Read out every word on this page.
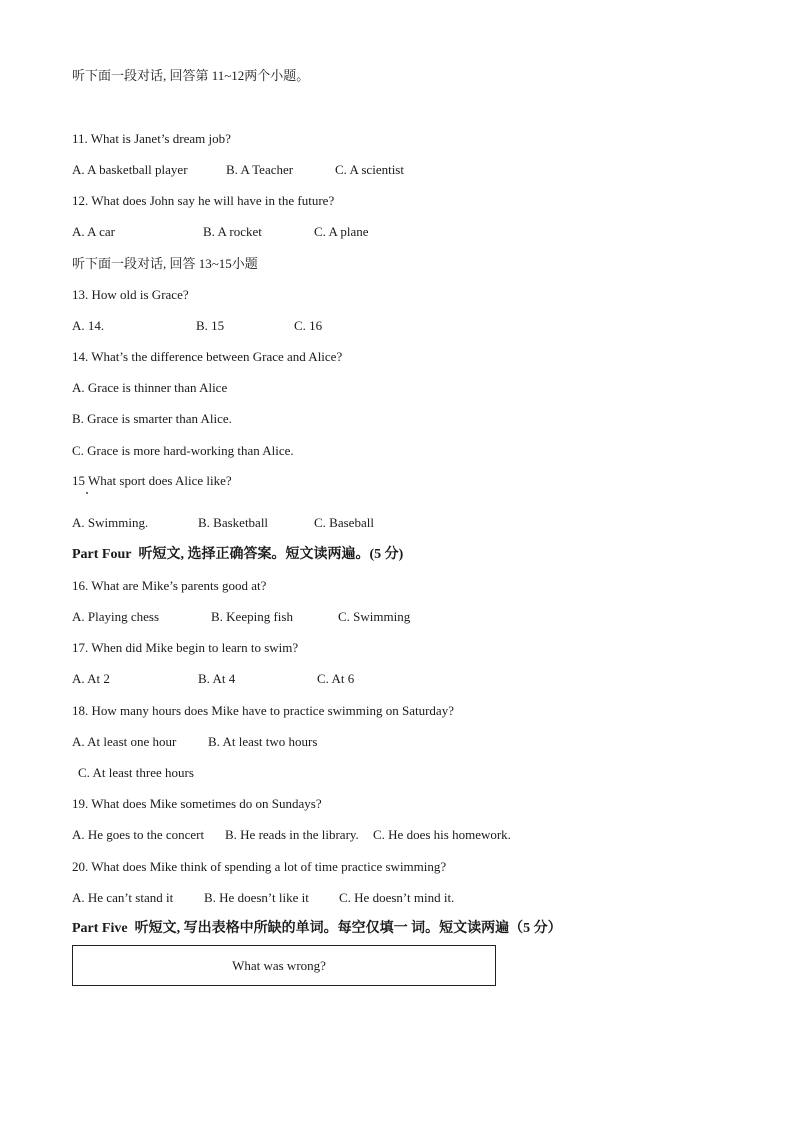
听下面一段对话, 回答第 11~12两个小题。
11. What is Janet’s dream job?
A. A basketball player	B. A Teacher	C. A scientist
12. What does John say he will have in the future?
A. A car	B. A rocket	C. A plane
听下面一段对话, 回答 13~15小题
13. How old is Grace?
A. 14.	B. 15	C. 16
14. What’s the difference between Grace and Alice?
A. Grace is thinner than Alice
B. Grace is smarter than Alice.
C. Grace is more hard-working than Alice.
15 What sport does Alice like?
A. Swimming.	B. Basketball	C. Baseball
Part Four 听短文, 选择正确答案。短文读两遍。(5 分)
16. What are Mike’s parents good at?
A. Playing chess	B. Keeping fish	C. Swimming
17. When did Mike begin to learn to swim?
A. At 2	B. At 4	C. At 6
18. How many hours does Mike have to practice swimming on Saturday?
A. At least one hour B. At least two hours
C. At least three hours
19. What does Mike sometimes do on Sundays?
A. He goes to the concert B. He reads in the library. C. He does his homework.
20. What does Mike think of spending a lot of time practice swimming?
A. He can’t stand it B. He doesn’t like it C. He doesn’t mind it.
Part Five 听短文, 写出表格中所缺的单词。每空仅填一 词。短文读两遍（5 分）
What was wrong?
